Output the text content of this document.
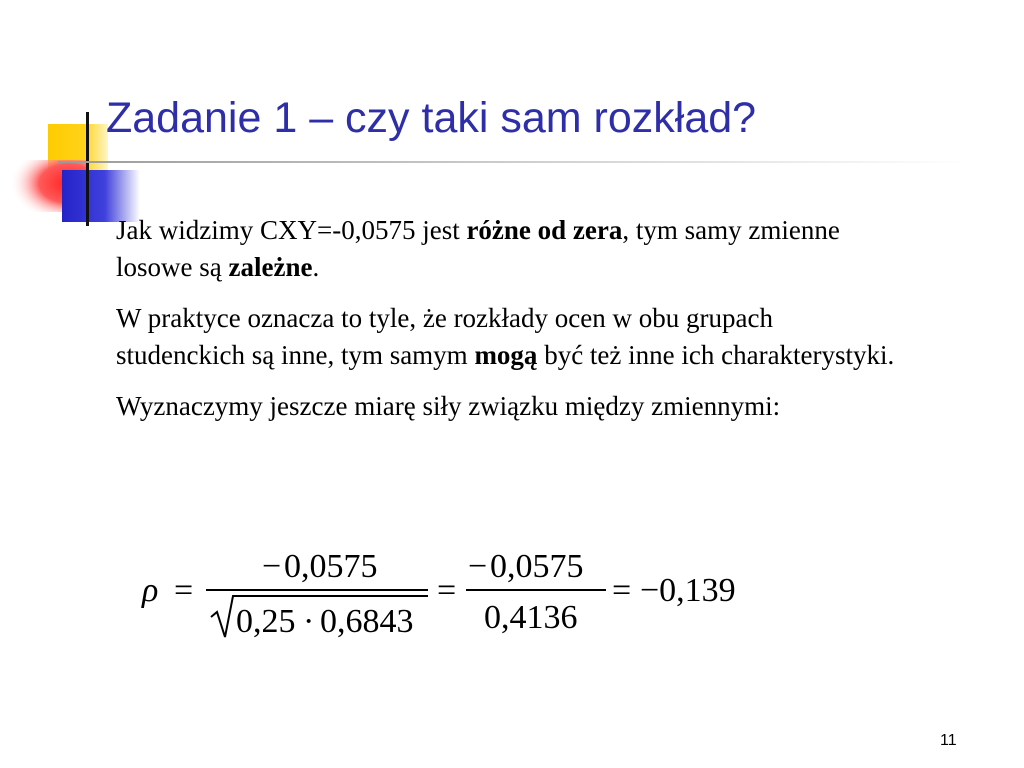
Zadanie 1 – czy taki sam rozkład?

Jak widzimy CXY=-0,0575 jest różne od zera, tym samy zmienne losowe są zależne.

W praktyce oznacza to tyle, że rozkłady ocen w obu grupach studenckich są inne, tym samym mogą być też inne ich charakterystyki.

Wyznaczymy jeszcze miarę siły związku między zmiennymi:

ρ =
− 0,0575
0,25 · 0,6843
=
− 0,0575
0,4136
= −0,139
11
